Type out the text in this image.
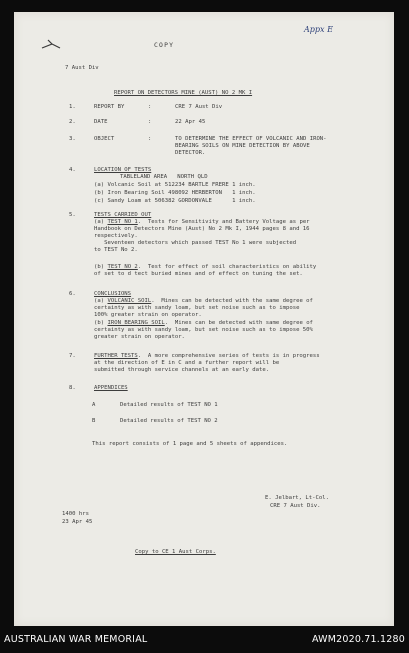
Appx E
COPY
7 Aust Div
REPORT ON DETECTORS MINE (AUST) NO 2 MK I
1.	REPORT BY	:	CRE 7 Aust Div
2.	DATE	:	22 Apr 45
3.	OBJECT	:	TO DETERMINE THE EFFECT OF VOLCANIC AND IRON-
BEARING SOILS ON MINE DETECTION BY ABOVE
DETECTOR.
4.	LOCATION OF TESTS
TABLELAND AREA   NORTH QLD
(a) Volcanic Soil at 512234 BARTLE FRERE 1 inch.
(b) Iron Bearing Soil 498092 HERBERTON   1 inch.
(c) Sandy Loam at 506382 GORDONVALE      1 inch.
5.	TESTS CARRIED OUT
(a) TEST NO 1.  Tests for Sensitivity and Battery Voltage as per
Handbook on Detectors Mine (Aust) No 2 Mk I, 1944 pages 8 and 16
respectively.
Seventeen detectors which passed TEST No 1 were subjected
to TEST No 2.
(b) TEST NO 2.  Test for effect of soil characteristics on ability
of set to d tect buried mines and of effect on tuning the set.
6.	CONCLUSIONS
(a) VOLCANIC SOIL.  Mines can be detected with the same degree of
certainty as with sandy loam, but set noise such as to impose
100% greater strain on operator.
(b) IRON BEARING SOIL.  Mines can be detected with same degree of
certainty as with sandy loam, but set noise such as to impose 50%
greater strain on operator.
7.	FURTHER TESTS.  A more comprehensive series of tests is in progress
at the direction of E in C and a further report will be
submitted through service channels at an early date.
8.	APPENDICES
A	Detailed results of TEST NO 1
B	Detailed results of TEST NO 2
This report consists of 1 page and 5 sheets of appendices.
E. Jelbart, Lt-Col.
CRE 7 Aust Div.
1400 hrs
23 Apr 45
Copy to CE 1 Aust Corps.
AUSTRALIAN WAR MEMORIAL	AWM2020.71.1280
